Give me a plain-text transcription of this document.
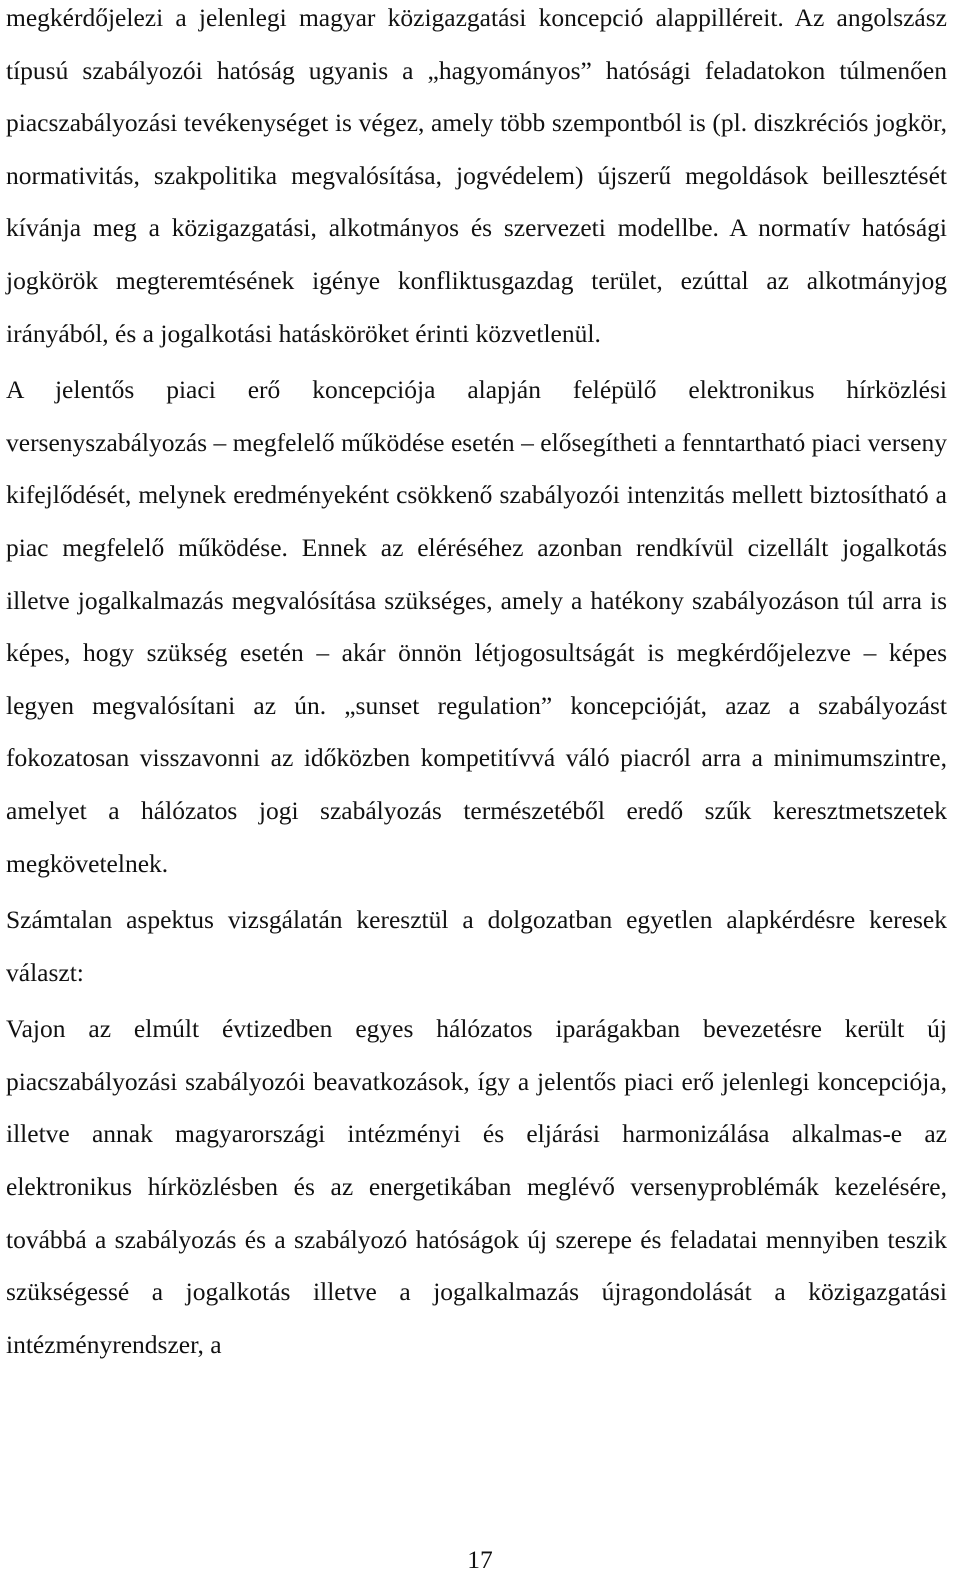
megkérdőjelezi a jelenlegi magyar közigazgatási koncepció alappilléreit. Az angolszász típusú szabályozói hatóság ugyanis a „hagyományos” hatósági feladatokon túlmenően piacszabályozási tevékenységet is végez, amely több szempontból is (pl. diszkréciós jogkör, normativitás, szakpolitika megvalósítása, jogvédelem) újszerű megoldások beillesztését kívánja meg a közigazgatási, alkotmányos és szervezeti modellbe. A normatív hatósági jogkörök megteremtésének igénye konfliktusgazdag terület, ezúttal az alkotmányjog irányából, és a jogalkotási hatásköröket érinti közvetlenül.

A jelentős piaci erő koncepciója alapján felépülő elektronikus hírközlési versenyszabályozás – megfelelő működése esetén – elősegítheti a fenntartható piaci verseny kifejlődését, melynek eredményeként csökkenő szabályozói intenzitás mellett biztosítható a piac megfelelő működése. Ennek az eléréséhez azonban rendkívül cizellált jogalkotás illetve jogalkalmazás megvalósítása szükséges, amely a hatékony szabályozáson túl arra is képes, hogy szükség esetén – akár önnön létjogosultságát is megkérdőjelezve – képes legyen megvalósítani az ún. „sunset regulation” koncepcióját, azaz a szabályozást fokozatosan visszavonni az időközben kompetitívvá váló piacról arra a minimumszintre, amelyet a hálózatos jogi szabályozás természetéből eredő szűk keresztmetszetek megkövetelnek.

Számtalan aspektus vizsgálatán keresztül a dolgozatban egyetlen alapkérdésre keresek választ:

Vajon az elmúlt évtizedben egyes hálózatos iparágakban bevezetésre került új piacszabályozási szabályozói beavatkozások, így a jelentős piaci erő jelenlegi koncepciója, illetve annak magyarországi intézményi és eljárási harmonizálása alkalmas-e az elektronikus hírközlésben és az energetikában meglévő versenyproblémák kezelésére, továbbá a szabályozás és a szabályozó hatóságok új szerepe és feladatai mennyiben teszik szükségessé a jogalkotás illetve a jogalkalmazás újragondolását a közigazgatási intézményrendszer, a

17
